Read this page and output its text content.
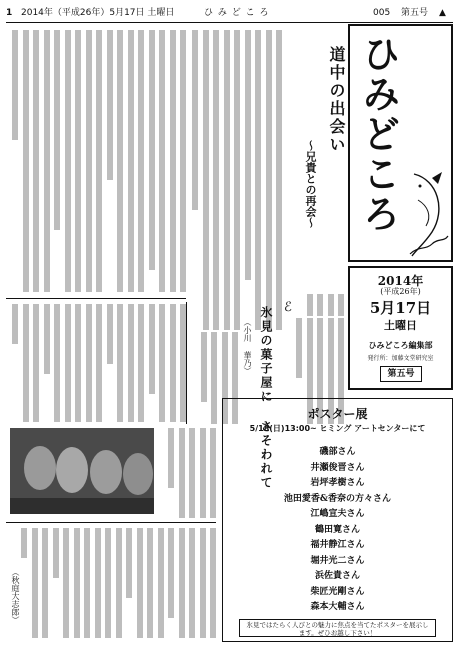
1 2014年（平成26年）5月17日 土曜日	ひ み ど こ ろ	005 第五号 ▲
道中の出会い
〜兄貴との再会〜 ひみどころ
2014年
(平成26年)
5月17日
土曜日
ひみどころ編集部
発行所：加藤文堂研究室
第五号
（小川 華乃） 氷見の菓子屋に さそわれて ℰ
（秋庭大志郎）
ポスター展
5/18(日)13:00~ ヒミング アートセンターにて
磯部さん
井瀬俊晋さん
岩坪孝樹さん
池田愛香&香奈の方々さん
江嶋宣夫さん
鶴田寛さん
福井静江さん
堀井光二さん
浜佐貴さん
柴匠光剛さん
森本大輔さん
氷見ではたらく人びとの魅力に焦点を当てたポスターを展示します。ぜひお越し下さい！
